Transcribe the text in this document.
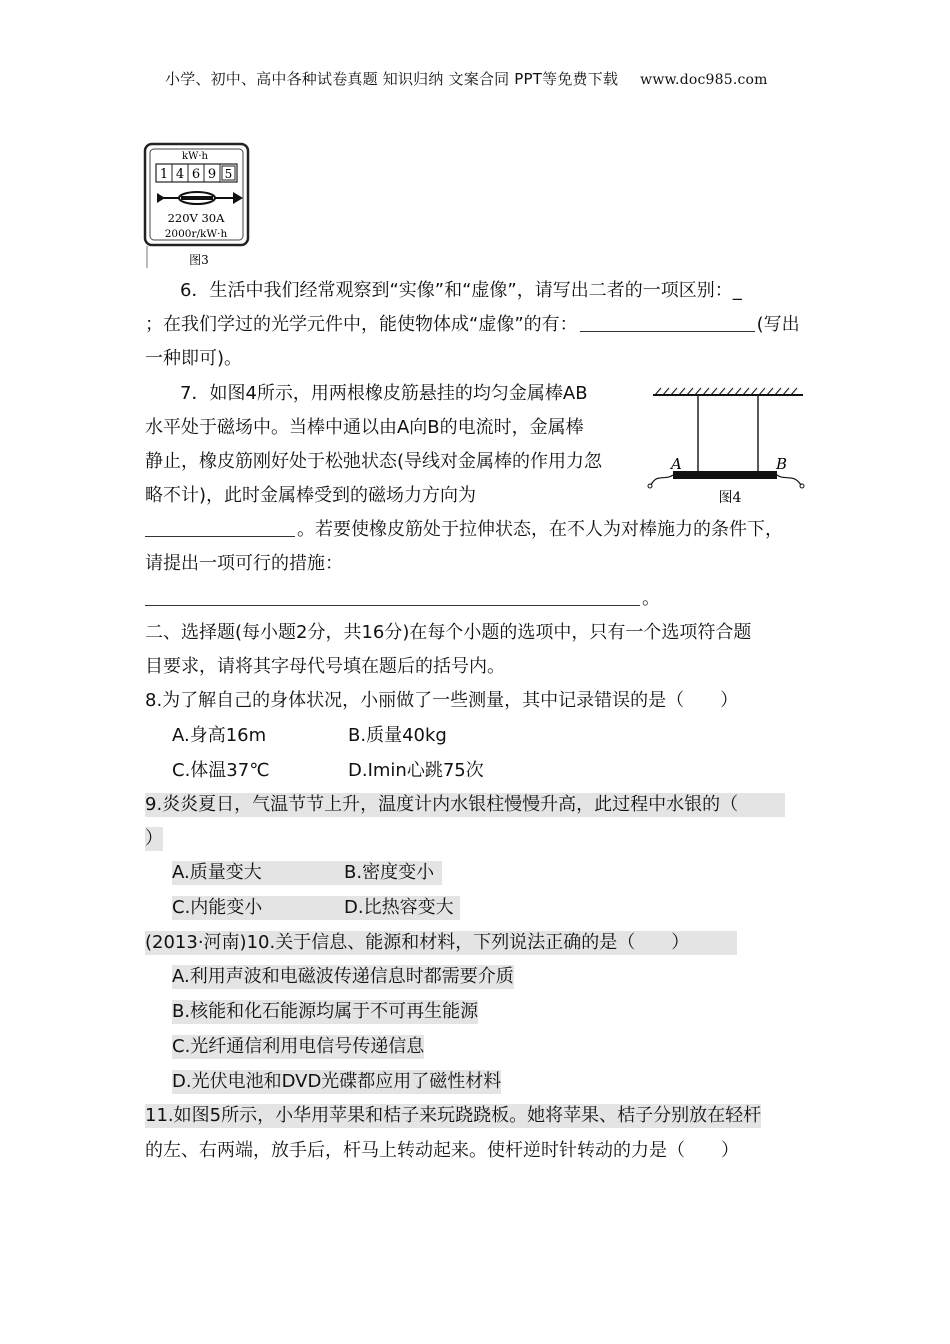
小学、初中、高中各种试卷真题 知识归纳 文案合同 PPT等免费下载 www.doc985.com
kW·h
1 4 6 9 5
220V 30A
2000r/kW·h
图3
6．生活中我们经常观察到“实像”和“虚像”，请写出二者的一项区别：_
；在我们学过的光学元件中，能使物体成“虚像”的有：	(写出
一种即可)。
7．如图4所示，用两根橡皮筋悬挂的均匀金属棒AB
水平处于磁场中。当棒中通以由A向B的电流时，金属棒
静止，橡皮筋刚好处于松弛状态(导线对金属棒的作用力忽
略不计)，此时金属棒受到的磁场力方向为
。若要使橡皮筋处于拉伸状态，在不人为对棒施力的条件下，
请提出一项可行的措施：
。
A	B
图4
二、选择题(每小题2分，共16分)在每个小题的选项中，只有一个选项符合题
目要求，请将其字母代号填在题后的括号内。
8.为了解自己的身体状况，小丽做了一些测量，其中记录错误的是（　　）
A.身高16m	B.质量40kg
C.体温37℃	D.Imin心跳75次
9.炎炎夏日，气温节节上升，温度计内水银柱慢慢升高，此过程中水银的（
）
A.质量变大	B.密度变小
C.内能变小	D.比热容变大
(2013·河南)10.关于信息、能源和材料，下列说法正确的是（　　）
A.利用声波和电磁波传递信息时都需要介质
B.核能和化石能源均属于不可再生能源
C.光纤通信利用电信号传递信息
D.光伏电池和DVD光碟都应用了磁性材料
11.如图5所示，小华用苹果和桔子来玩跷跷板。她将苹果、桔子分别放在轻杆
的左、右两端，放手后，杆马上转动起来。使杆逆时针转动的力是（　　）
